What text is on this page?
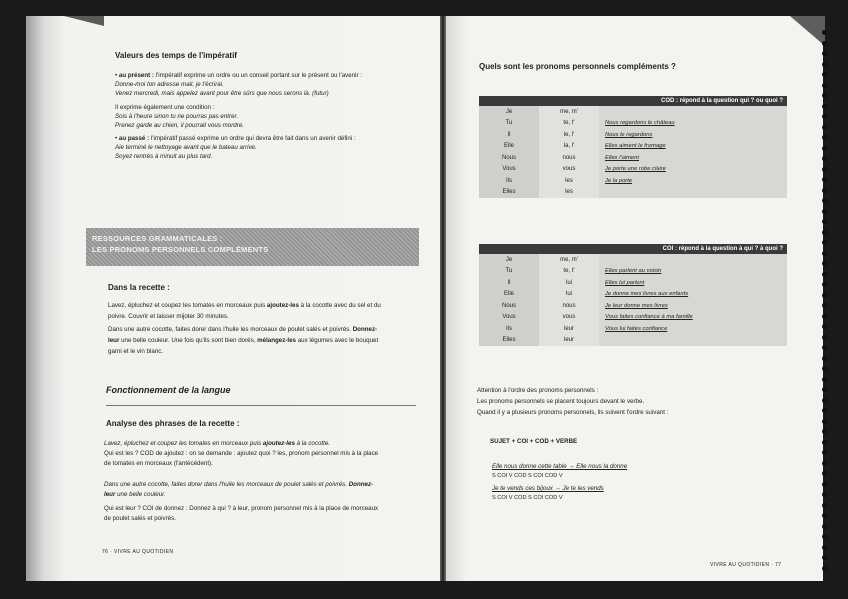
Valeurs des temps de l'impératif
• au présent : l'impératif exprime un ordre ou un conseil portant sur le présent ou l'avenir :
Donne-moi ton adresse mail, je t'écrirai.
Venez mercredi, mais appelez avant pour être sûrs que nous serons là. (futur)
Il exprime également une condition :
Sois à l'heure sinon tu ne pourras pas entrer.
Prenez garde au chien, il pourrait vous mordre.
• au passé : l'impératif passé exprime un ordre qui devra être fait dans un avenir défini :
Aie terminé le nettoyage avant que le bateau arrive.
Soyez rentrés à minuit au plus tard.
RESSOURCES GRAMMATICALES :
LES PRONOMS PERSONNELS COMPLÉMENTS
Dans la recette :
Lavez, épluchez et coupez les tomates en morceaux puis ajoutez-les à la cocotte avec du sel et du
poivre. Couvrir et laisser mijoter 30 minutes.
Dans une autre cocotte, faites dorer dans l'huile les morceaux de poulet salés et poivrés. Donnez-
leur une belle couleur. Une fois qu'ils sont bien dorés, mélangez-les aux légumes avec le bouquet
garni et le vin blanc.
Fonctionnement de la langue
Analyse des phrases de la recette :
Lavez, épluchez et coupez les tomates en morceaux puis ajoutez-les à la cocotte.
Qui est les ? COD de ajoutez : on se demande : ajoutez quoi ? les, pronom personnel mis à la place
de tomates en morceaux (l'antécédent).
Dans une autre cocotte, faites dorer dans l'huile les morceaux de poulet salés et poivrés. Donnez-
leur une belle couleur.
Qui est leur ? COI de donnez : Donnez à qui ? à leur, pronom personnel mis à la place de morceaux
de poulet salés et poivrés.
76 · VIVRE AU QUOTIDIEN
Quels sont les pronoms personnels compléments ?
COD : répond à la question qui ? ou quoi ?		
Je	me, m'	
Tu	te, t'	Nous regardons le château
Il	le, l'	Nous le regardons
Elle	la, l'	Elles aiment le fromage
Nous	nous	Elles l'aiment
Vous	vous	Je porte une robe claire
Ils	les	Je la porte
Elles	les	
COI : répond à la question à qui ? à quoi ?		
Je	me, m'	
Tu	te, t'	Elles parlent au voisin
Il	lui	Elles lui parlent
Elle	lui	Je donne mes livres aux enfants
Nous	nous	Je leur donne mes livres
Vous	vous	Vous faites confiance à ma famille
Ils	leur	Vous lui faites confiance
Elles	leur	
Attention à l'ordre des pronoms personnels :
Les pronoms personnels se placent toujours devant le verbe.
Quand il y a plusieurs pronoms personnels, ils suivent l'ordre suivant :
SUJET + COI + COD + VERBE
Elle nous donne cette table → Elle nous la donne
S COI V COD S COI COD V
Je te vends ces bijoux → Je te les vends
S COI V COD S COI COD V
VIVRE AU QUOTIDIEN · 77
